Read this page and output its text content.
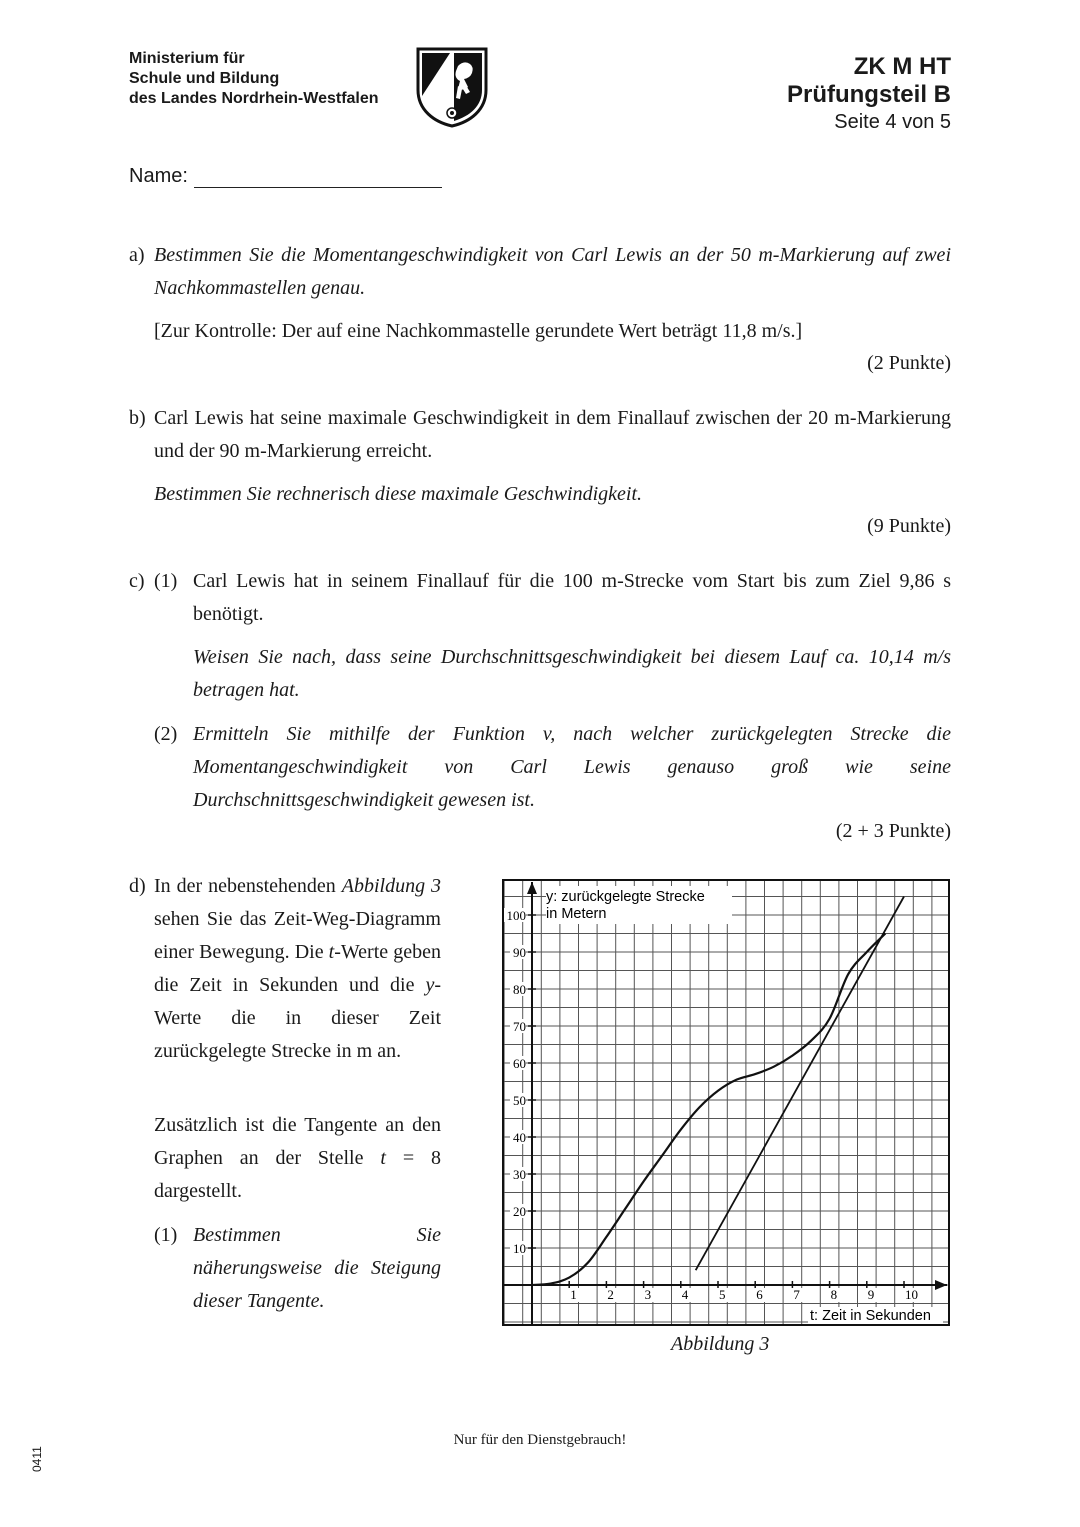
Ministerium für
Schule und Bildung
des Landes Nordrhein-Westfalen
ZK M HT
Prüfungsteil B
Seite 4 von 5
Name:
a) Bestimmen Sie die Momentangeschwindigkeit von Carl Lewis an der 50 m-Markierung auf zwei Nachkommastellen genau.
[Zur Kontrolle: Der auf eine Nachkommastelle gerundete Wert beträgt 11,8 m/s.]
(2 Punkte)
b) Carl Lewis hat seine maximale Geschwindigkeit in dem Finallauf zwischen der 20 m-Markierung und der 90 m-Markierung erreicht.
Bestimmen Sie rechnerisch diese maximale Geschwindigkeit.
(9 Punkte)
c) (1) Carl Lewis hat in seinem Finallauf für die 100 m-Strecke vom Start bis zum Ziel 9,86 s benötigt.
Weisen Sie nach, dass seine Durchschnittsgeschwindigkeit bei diesem Lauf ca. 10,14 m/s betragen hat.
(2) Ermitteln Sie mithilfe der Funktion v, nach welcher zurückgelegten Strecke die Momentangeschwindigkeit von Carl Lewis genauso groß wie seine Durchschnittsgeschwindigkeit gewesen ist.
(2 + 3 Punkte)
d) In der nebenstehenden Abbildung 3 sehen Sie das Zeit-Weg-Diagramm einer Bewegung. Die t-Werte geben die Zeit in Sekunden und die y-Werte die in dieser Zeit zurückgelegte Strecke in m an.
Zusätzlich ist die Tangente an den Graphen an der Stelle t = 8 dargestellt.
(1) Bestimmen Sie näherungsweise die Steigung dieser Tangente.	1 2 3 4 5 6 7 8 9 10
10
20
30
40
50
60
70
80
90
100
y: zurückgelegte Strecke
in Metern
t: Zeit in Sekunden
Abbildung 3
Nur für den Dienstgebrauch!
0411
